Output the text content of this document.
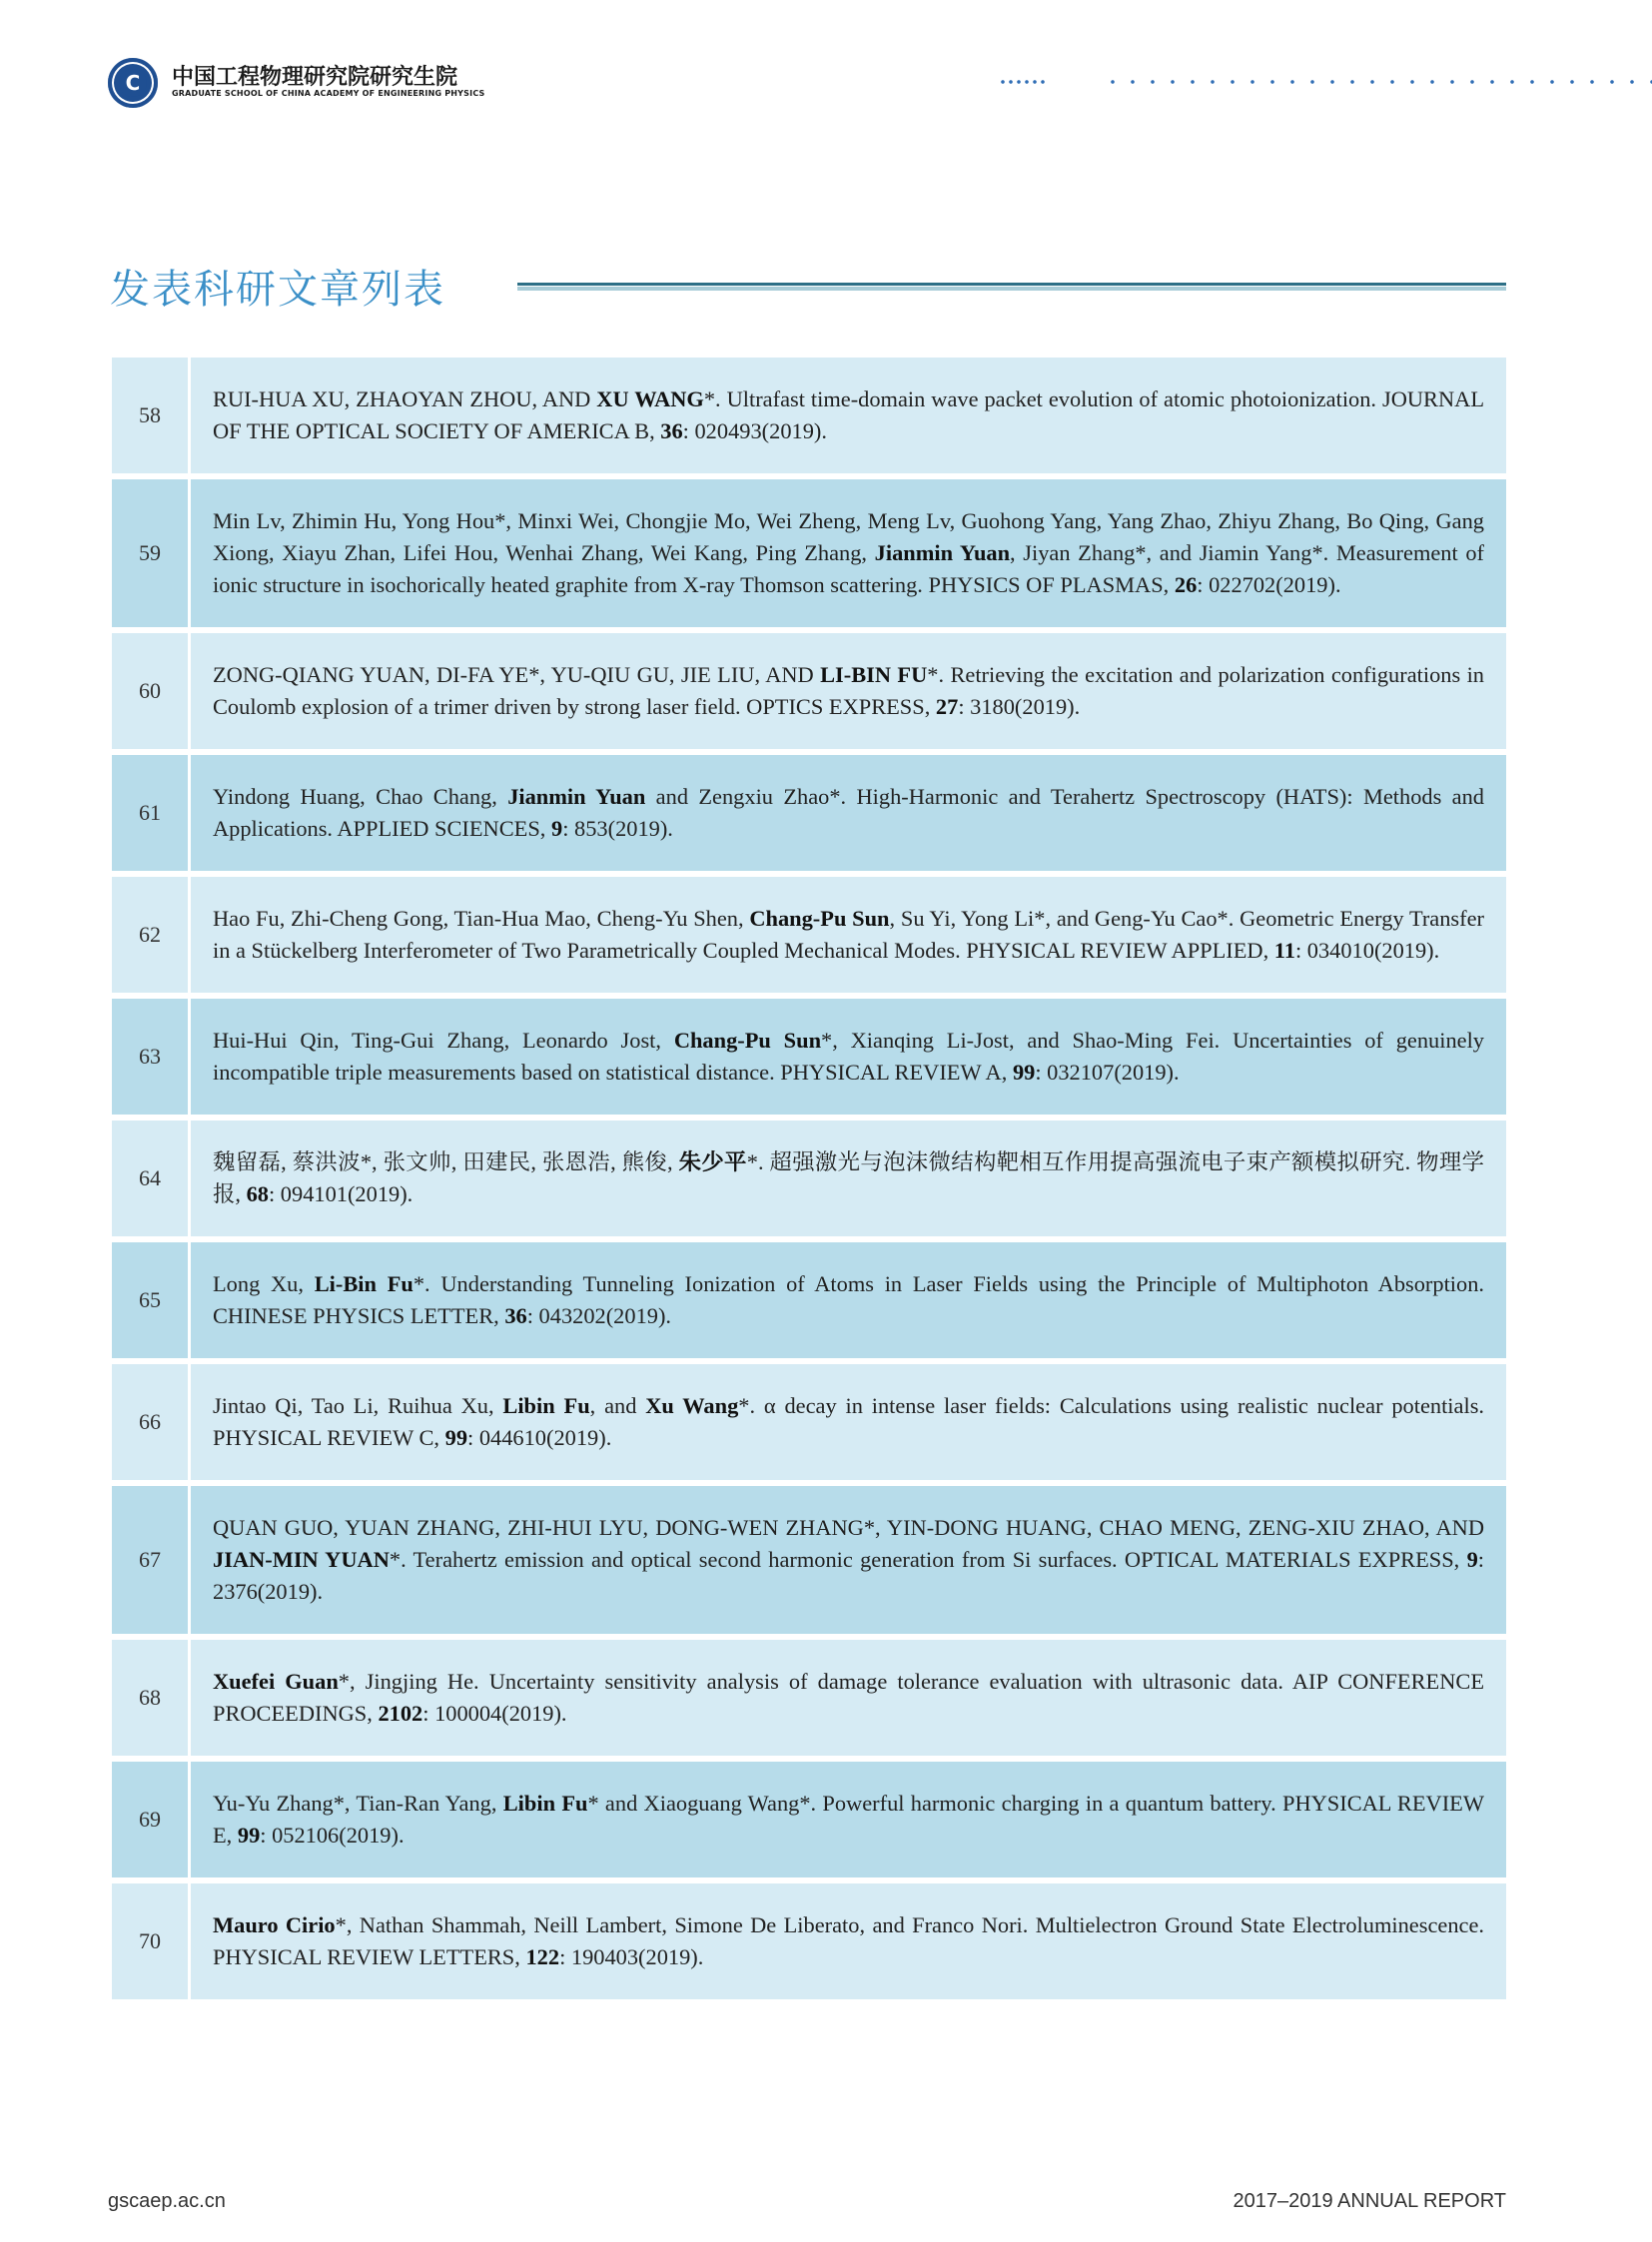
C 中国工程物理研究院研究生院
GRADUATE SCHOOL OF CHINA ACADEMY OF ENGINEERING PHYSICS
发表科研文章列表
58
RUI-HUA XU, ZHAOYAN ZHOU, AND XU WANG*. Ultrafast time-domain wave packet evolution of atomic photoionization. JOURNAL OF THE OPTICAL SOCIETY OF AMERICA B, 36: 020493(2019).
59
Min Lv, Zhimin Hu, Yong Hou*, Minxi Wei, Chongjie Mo, Wei Zheng, Meng Lv, Guohong Yang, Yang Zhao, Zhiyu Zhang, Bo Qing, Gang Xiong, Xiayu Zhan, Lifei Hou, Wenhai Zhang, Wei Kang, Ping Zhang, Jianmin Yuan, Jiyan Zhang*, and Jiamin Yang*. Measurement of ionic structure in isochorically heated graphite from X-ray Thomson scattering. PHYSICS OF PLASMAS, 26: 022702(2019).
60
ZONG-QIANG YUAN, DI-FA YE*, YU-QIU GU, JIE LIU, AND LI-BIN FU*. Retrieving the excitation and polarization configurations in Coulomb explosion of a trimer driven by strong laser field. OPTICS EXPRESS, 27: 3180(2019).
61
Yindong Huang, Chao Chang, Jianmin Yuan and Zengxiu Zhao*. High-Harmonic and Terahertz Spectroscopy (HATS): Methods and Applications. APPLIED SCIENCES, 9: 853(2019).
62
Hao Fu, Zhi-Cheng Gong, Tian-Hua Mao, Cheng-Yu Shen, Chang-Pu Sun, Su Yi, Yong Li*, and Geng-Yu Cao*. Geometric Energy Transfer in a Stückelberg Interferometer of Two Parametrically Coupled Mechanical Modes. PHYSICAL REVIEW APPLIED, 11: 034010(2019).
63
Hui-Hui Qin, Ting-Gui Zhang, Leonardo Jost, Chang-Pu Sun*, Xianqing Li-Jost, and Shao-Ming Fei. Uncertainties of genuinely incompatible triple measurements based on statistical distance. PHYSICAL REVIEW A, 99: 032107(2019).
64
魏留磊, 蔡洪波*, 张文帅, 田建民, 张恩浩, 熊俊, 朱少平*. 超强激光与泡沫微结构靶相互作用提高强流电子束产额模拟研究. 物理学报, 68: 094101(2019).
65
Long Xu, Li-Bin Fu*. Understanding Tunneling Ionization of Atoms in Laser Fields using the Principle of Multiphoton Absorption. CHINESE PHYSICS LETTER, 36: 043202(2019).
66
Jintao Qi, Tao Li, Ruihua Xu, Libin Fu, and Xu Wang*. α decay in intense laser fields: Calculations using realistic nuclear potentials. PHYSICAL REVIEW C, 99: 044610(2019).
67
QUAN GUO, YUAN ZHANG, ZHI-HUI LYU, DONG-WEN ZHANG*, YIN-DONG HUANG, CHAO MENG, ZENG-XIU ZHAO, AND JIAN-MIN YUAN*. Terahertz emission and optical second harmonic generation from Si surfaces. OPTICAL MATERIALS EXPRESS, 9: 2376(2019).
68
Xuefei Guan*, Jingjing He. Uncertainty sensitivity analysis of damage tolerance evaluation with ultrasonic data. AIP CONFERENCE PROCEEDINGS, 2102: 100004(2019).
69
Yu-Yu Zhang*, Tian-Ran Yang, Libin Fu* and Xiaoguang Wang*. Powerful harmonic charging in a quantum battery. PHYSICAL REVIEW E, 99: 052106(2019).
70
Mauro Cirio*, Nathan Shammah, Neill Lambert, Simone De Liberato, and Franco Nori. Multielectron Ground State Electroluminescence. PHYSICAL REVIEW LETTERS, 122: 190403(2019).
gscaep.ac.cn	2017–2019 ANNUAL REPORT
